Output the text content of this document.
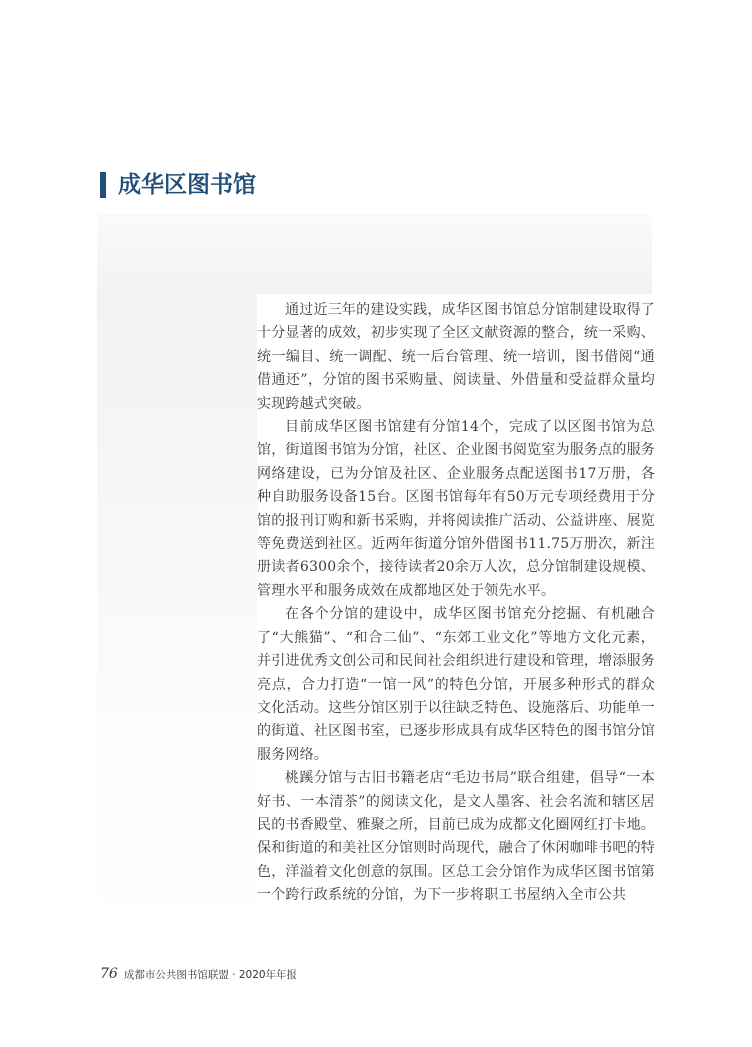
成华区图书馆

通过近三年的建设实践，成华区图书馆总分馆制建设取得了十分显著的成效，初步实现了全区文献资源的整合，统一采购、统一编目、统一调配、统一后台管理、统一培训，图书借阅“通借通还”，分馆的图书采购量、阅读量、外借量和受益群众量均实现跨越式突破。

目前成华区图书馆建有分馆14个，完成了以区图书馆为总馆，街道图书馆为分馆，社区、企业图书阅览室为服务点的服务网络建设，已为分馆及社区、企业服务点配送图书17万册，各种自助服务设备15台。区图书馆每年有50万元专项经费用于分馆的报刊订购和新书采购，并将阅读推广活动、公益讲座、展览等免费送到社区。近两年街道分馆外借图书11.75万册次，新注册读者6300余个，接待读者20余万人次，总分馆制建设规模、管理水平和服务成效在成都地区处于领先水平。

在各个分馆的建设中，成华区图书馆充分挖掘、有机融合了“大熊猫”、“和合二仙”、“东郊工业文化”等地方文化元素，并引进优秀文创公司和民间社会组织进行建设和管理，增添服务亮点，合力打造“一馆一风”的特色分馆，开展多种形式的群众文化活动。这些分馆区别于以往缺乏特色、设施落后、功能单一的街道、社区图书室，已逐步形成具有成华区特色的图书馆分馆服务网络。

桃蹊分馆与古旧书籍老店“毛边书局”联合组建，倡导“一本好书、一本清茶”的阅读文化，是文人墨客、社会名流和辖区居民的书香殿堂、雅聚之所，目前已成为成都文化圈网红打卡地。保和街道的和美社区分馆则时尚现代，融合了休闲咖啡书吧的特色，洋溢着文化创意的氛围。区总工会分馆作为成华区图书馆第一个跨行政系统的分馆，为下一步将职工书屋纳入全市公共

76 成都市公共图书馆联盟 · 2020年年报
